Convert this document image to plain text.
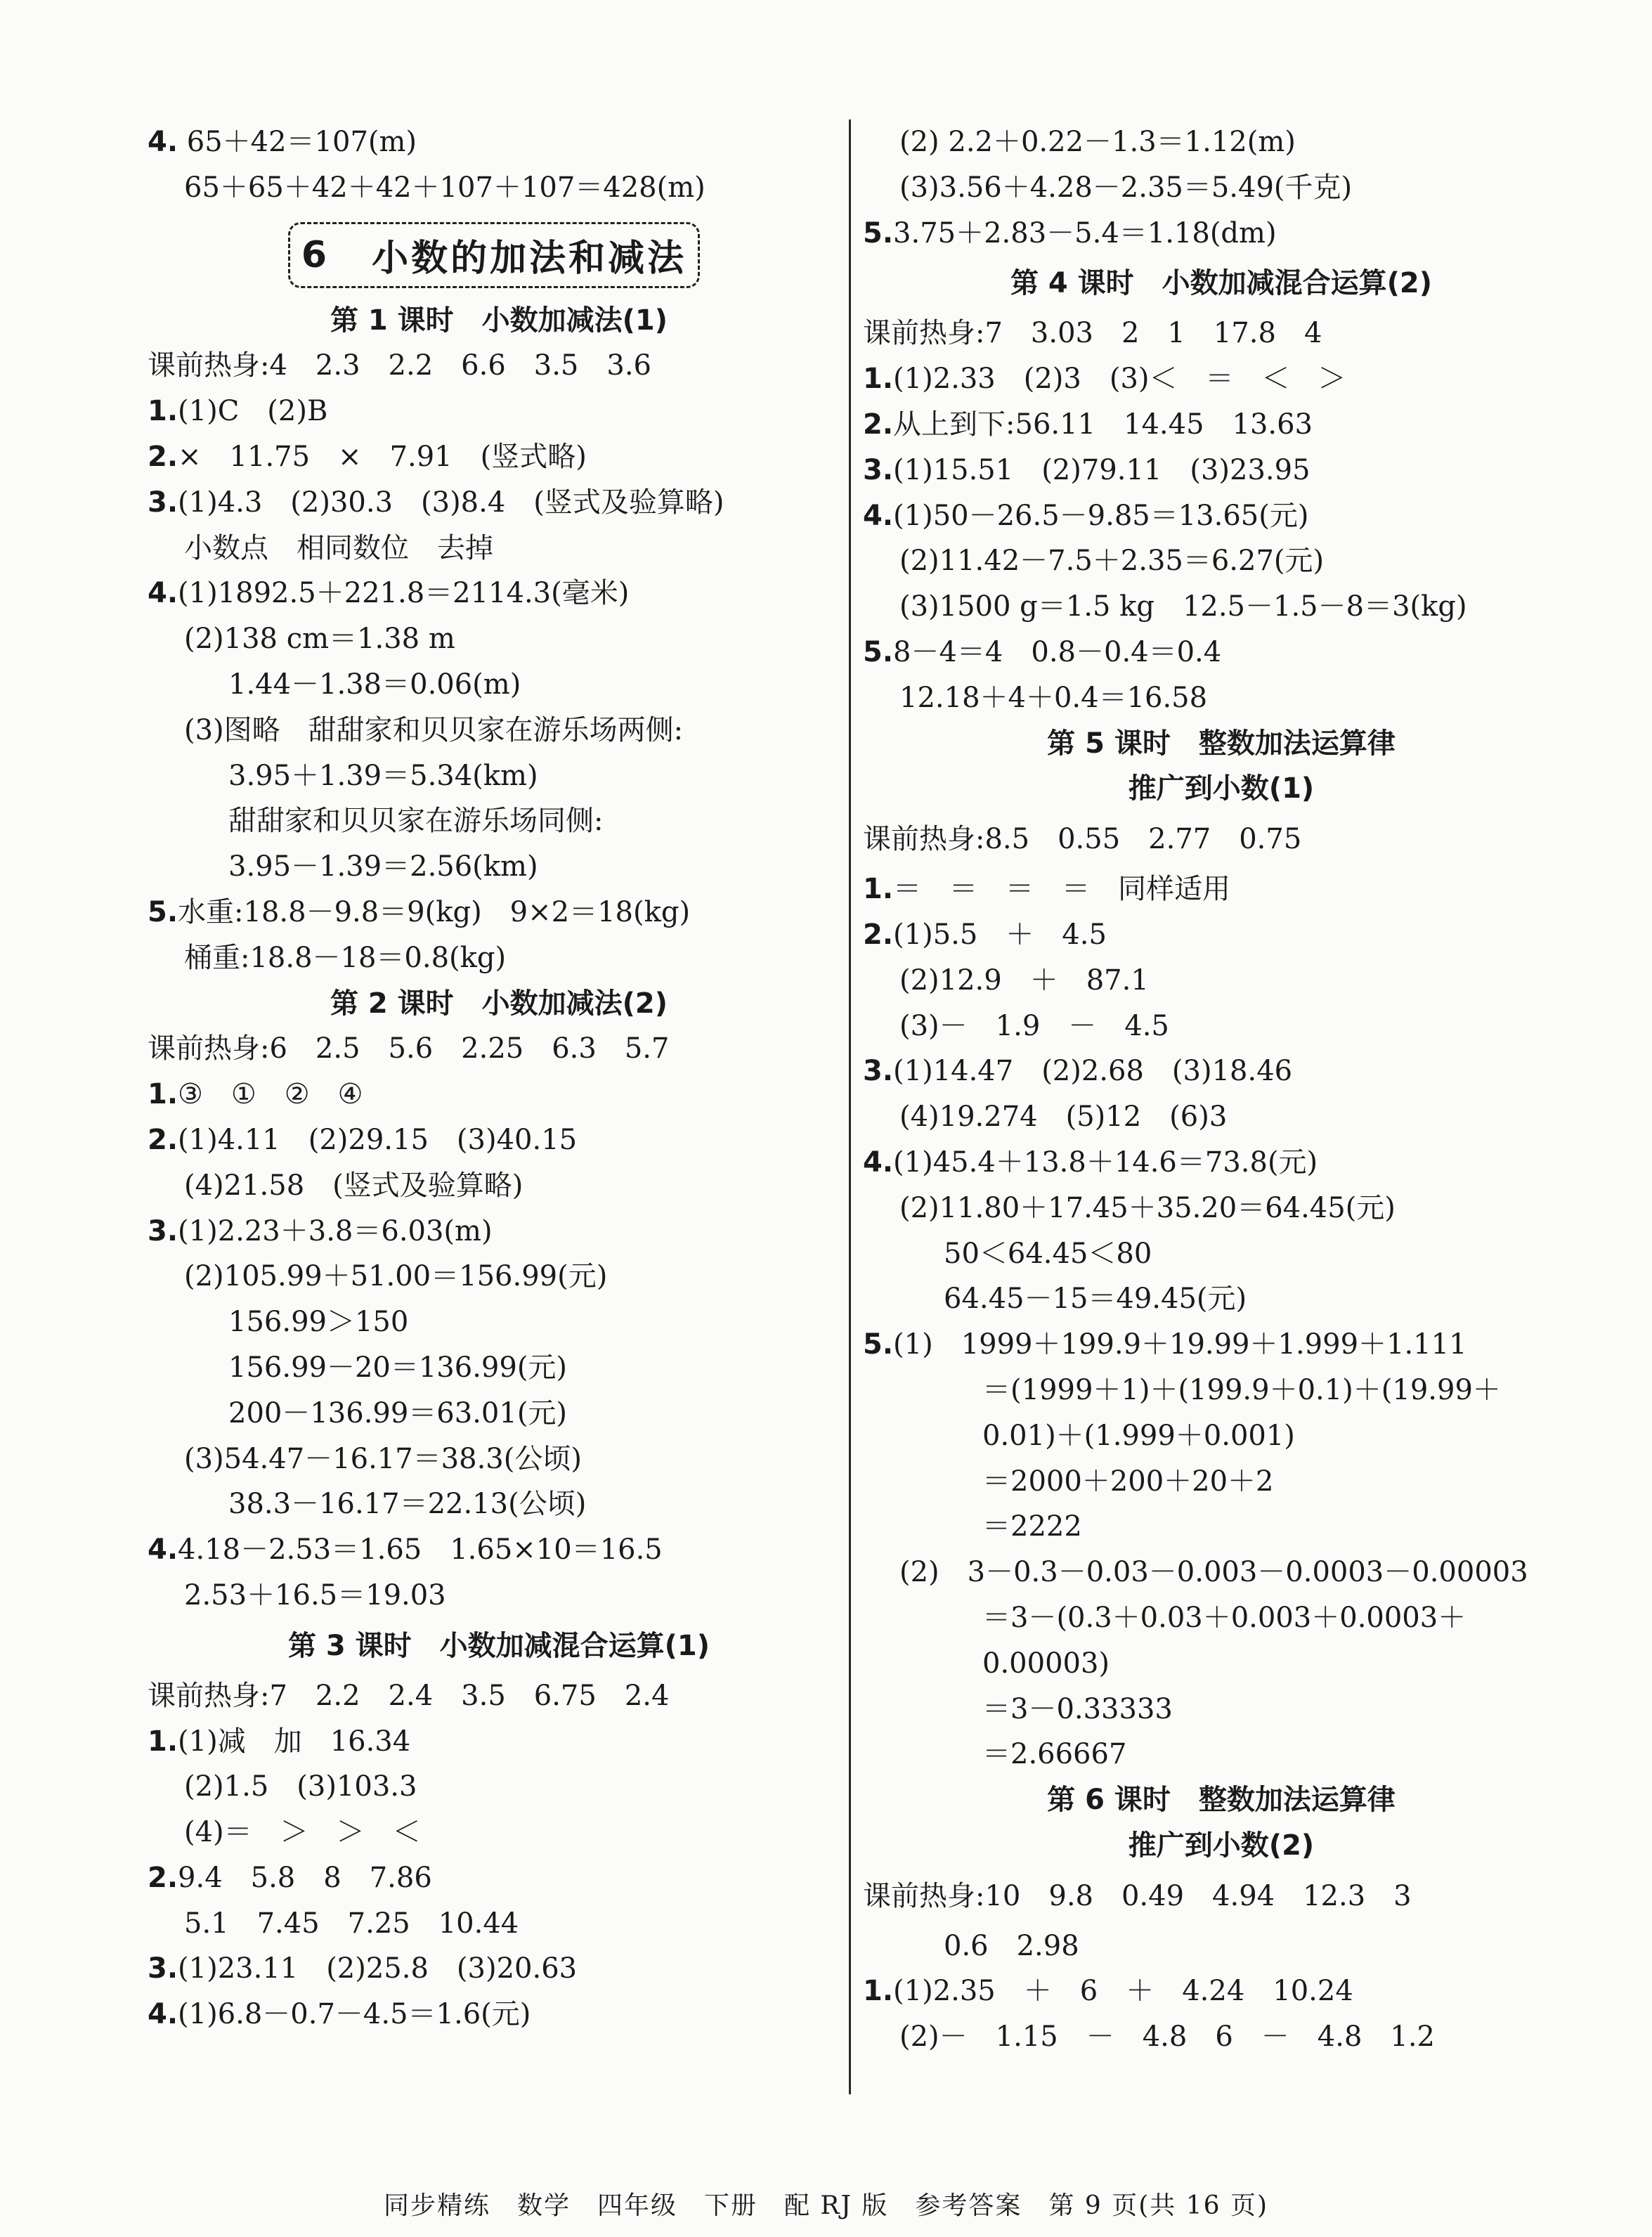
4. 65＋42＝107(m)
65＋65＋42＋42＋107＋107＝428(m)
6 小数的加法和减法
第 1 课时　小数加减法(1)
课前热身:4　2.3　2.2　6.6　3.5　3.6
1.(1)C　(2)B
2.×　11.75　×　7.91　(竖式略)
3.(1)4.3　(2)30.3　(3)8.4　(竖式及验算略)
小数点　相同数位　去掉
4.(1)1892.5＋221.8＝2114.3(毫米)
(2)138 cm＝1.38 m
1.44－1.38＝0.06(m)
(3)图略　甜甜家和贝贝家在游乐场两侧:
3.95＋1.39＝5.34(km)
甜甜家和贝贝家在游乐场同侧:
3.95－1.39＝2.56(km)
5.水重:18.8－9.8＝9(kg)　9×2＝18(kg)
桶重:18.8－18＝0.8(kg)
第 2 课时　小数加减法(2)
课前热身:6　2.5　5.6　2.25　6.3　5.7
1.③　①　②　④
2.(1)4.11　(2)29.15　(3)40.15
(4)21.58　(竖式及验算略)
3.(1)2.23＋3.8＝6.03(m)
(2)105.99＋51.00＝156.99(元)
156.99＞150
156.99－20＝136.99(元)
200－136.99＝63.01(元)
(3)54.47－16.17＝38.3(公顷)
38.3－16.17＝22.13(公顷)
4.4.18－2.53＝1.65　1.65×10＝16.5
2.53＋16.5＝19.03
第 3 课时　小数加减混合运算(1)
课前热身:7　2.2　2.4　3.5　6.75　2.4
1.(1)减　加　16.34
(2)1.5　(3)103.3
(4)＝　＞　＞　＜
2.9.4　5.8　8　7.86
5.1　7.45　7.25　10.44
3.(1)23.11　(2)25.8　(3)20.63
4.(1)6.8－0.7－4.5＝1.6(元)
(2) 2.2＋0.22－1.3＝1.12(m)
(3)3.56＋4.28－2.35＝5.49(千克)
5.3.75＋2.83－5.4＝1.18(dm)
第 4 课时　小数加减混合运算(2)
课前热身:7　3.03　2　1　17.8　4
1.(1)2.33　(2)3　(3)＜　＝　＜　＞
2.从上到下:56.11　14.45　13.63
3.(1)15.51　(2)79.11　(3)23.95
4.(1)50－26.5－9.85＝13.65(元)
(2)11.42－7.5＋2.35＝6.27(元)
(3)1500 g＝1.5 kg　12.5－1.5－8＝3(kg)
5.8－4＝4　0.8－0.4＝0.4
12.18＋4＋0.4＝16.58
第 5 课时　整数加法运算律
推广到小数(1)
课前热身:8.5　0.55　2.77　0.75
1.＝　＝　＝　＝　同样适用
2.(1)5.5　＋　4.5
(2)12.9　＋　87.1
(3)－　1.9　－　4.5
3.(1)14.47　(2)2.68　(3)18.46
(4)19.274　(5)12　(6)3
4.(1)45.4＋13.8＋14.6＝73.8(元)
(2)11.80＋17.45＋35.20＝64.45(元)
50＜64.45＜80
64.45－15＝49.45(元)
5.(1)　1999＋199.9＋19.99＋1.999＋1.111
＝(1999＋1)＋(199.9＋0.1)＋(19.99＋
0.01)＋(1.999＋0.001)
＝2000＋200＋20＋2
＝2222
(2)　3－0.3－0.03－0.003－0.0003－0.00003
＝3－(0.3＋0.03＋0.003＋0.0003＋
0.00003)
＝3－0.33333
＝2.66667
第 6 课时　整数加法运算律
推广到小数(2)
课前热身:10　9.8　0.49　4.94　12.3　3
0.6　2.98
1.(1)2.35　＋　6　＋　4.24　10.24
(2)－　1.15　－　4.8　6　－　4.8　1.2
同步精练　数学　四年级　下册　配 RJ 版　参考答案　第 9 页(共 16 页)
